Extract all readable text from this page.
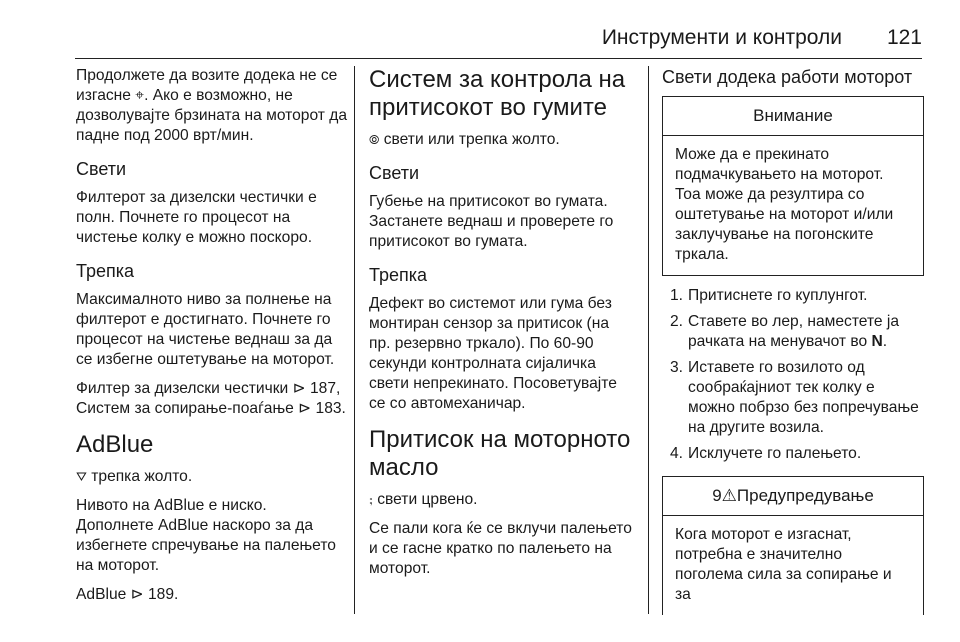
Инструменти и контроли 121

Продолжете да возите додека не се изгасне ⌖. Ако е возможно, не дозволувајте брзината на моторот да падне под 2000 врт/мин.

Свети

Филтерот за дизелски честички е полн. Почнете го процесот на чистење колку е можно поскоро.

Трепка

Максималното ниво за полнење на филтерот е достигнато. Почнете го процесот на чистење веднаш за да се избегне оштетување на моторот.

Филтер за дизелски честички ⊳ 187, Систем за сопирање-поаѓање ⊳ 183.

AdBlue

⛛ трепка жолто.

Нивото на AdBlue е ниско. Дополнете AdBlue наскоро за да избегнете спречување на палењето на моторот.

AdBlue ⊳ 189.

Систем за контрола на притисокот во гумите

⦾ свети или трепка жолто.

Свети

Губење на притисокот во гумата. Застанете веднаш и проверете го притисокот во гумата.

Трепка

Дефект во системот или гума без монтиран сензор за притисок (на пр. резервно тркало). По 60-90 секунди контролната сијаличка свети непрекинато. Посоветувајте се со автомеханичар.

Притисок на моторното масло

⨟ свети црвено.

Се пали кога ќе се вклучи палењето и се гасне кратко по палењето на моторот.

Свети додека работи моторот
Внимание
Може да е прекинато подмачкувањето на моторот. Тоа може да резултира со оштетување на моторот и/или заклучување на погонските тркала.
1. Притиснете го куплунгот.
2. Ставете во лер, наместете ја рачката на менувачот во N.
3. Иставете го возилото од сообраќајниот тек колку е можно побрзо без попречување на другите возила.
4. Исклучете го палењето.
9⚠Предупредување
Кога моторот е изгаснат, потребна е значително поголема сила за сопирање и за
